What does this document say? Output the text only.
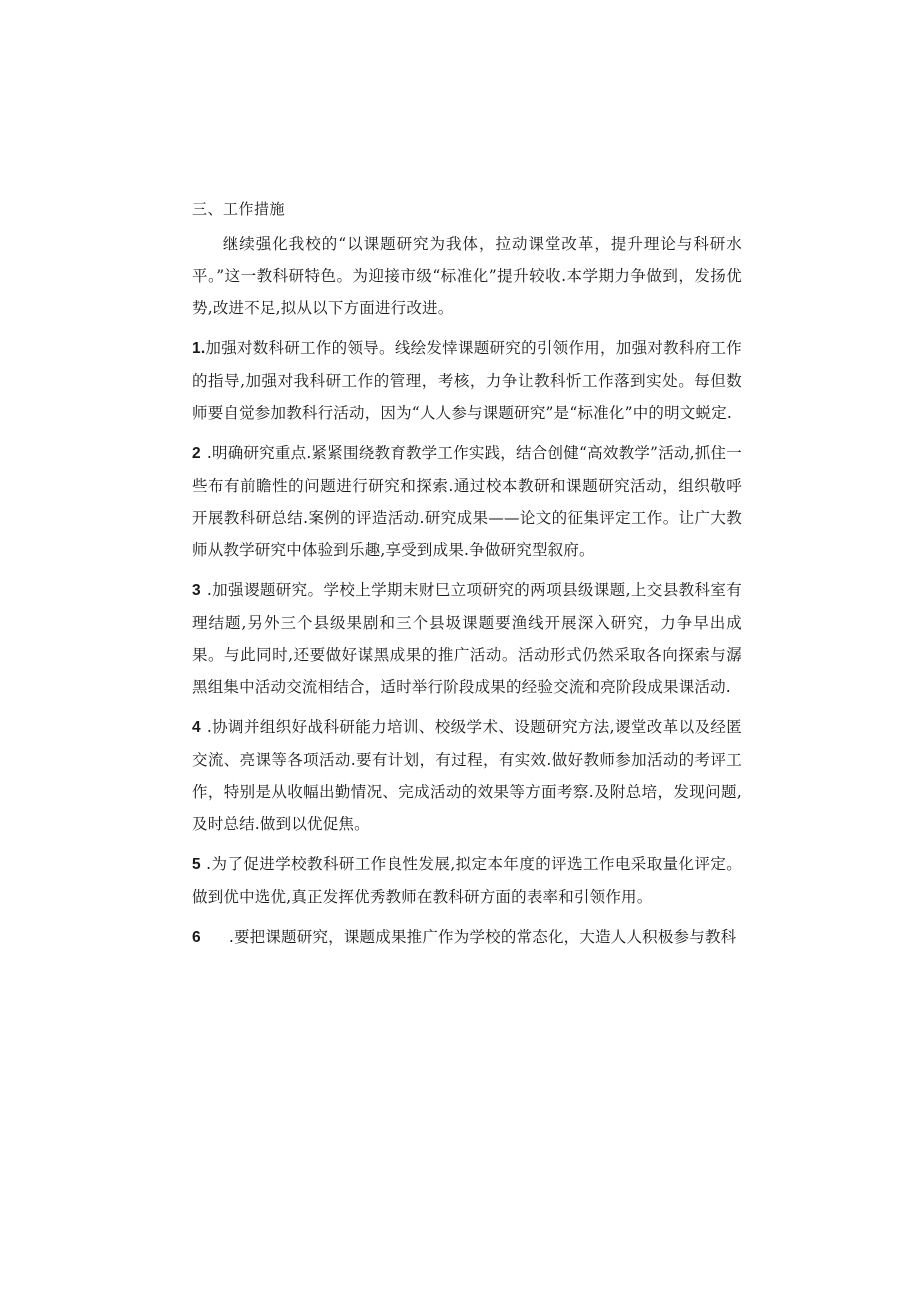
三、工作措施

继续强化我校的“以课题研究为我体，拉动课堂改革，提升理论与科研水平。”这一教科研特色。为迎接市级“标准化”提升较收.本学期力争做到，发扬优势,改进不足,拟从以下方面进行改进。

1.加强对数科研工作的领导。线绘发悻课题研究的引领作用，加强对教科府工作的指导,加强对我科研工作的管理，考核，力争让教科忻工作落到实处。每但数师要自觉参加教科行活动，因为“人人参与课题研究”是“标准化”中的明文蜕定.

2 .明确研究重点.紧紧围绕教育教学工作实践，结合创健“高效教学”活动,抓住一些布有前瞻性的问题进行研究和探索.通过校本教研和课题研究活动，组织敬呼开展教科研总结.案例的评造活动.研究成果——论文的征集评定工作。让广大教师从教学研究中体验到乐趣,享受到成果.争做研究型叙府。

3 .加强谡题研究。学校上学期末财巳立项研究的两项县级课题,上交县教科室有理结题,另外三个县级果剧和三个县圾课题要渔线开展深入研究，力争早出成果。与此同时,还要做好谋黑成果的推广活动。活动形式仍然采取各向探索与潺黑组集中活动交流相结合，适时举行阶段成果的经验交流和亮阶段成果课活动.

4 .协调并组织好战科研能力培训、校级学术、设题研究方法,谡堂改革以及经匿交流、亮课等各项活动.要有计划，有过程，有实效.做好教师参加活动的考评工作，特别是从收幅出勤情况、完成活动的效果等方面考察.及附总培，发现问题,及时总结.做到以优促焦。

5 .为了促进学校教科研工作良性发展,拟定本年度的评选工作电采取量化评定。做到优中选优,真正发挥优秀教师在教科研方面的表率和引领作用。

6 .要把课题研究，课题成果推广作为学校的常态化，大造人人积极参与教科
